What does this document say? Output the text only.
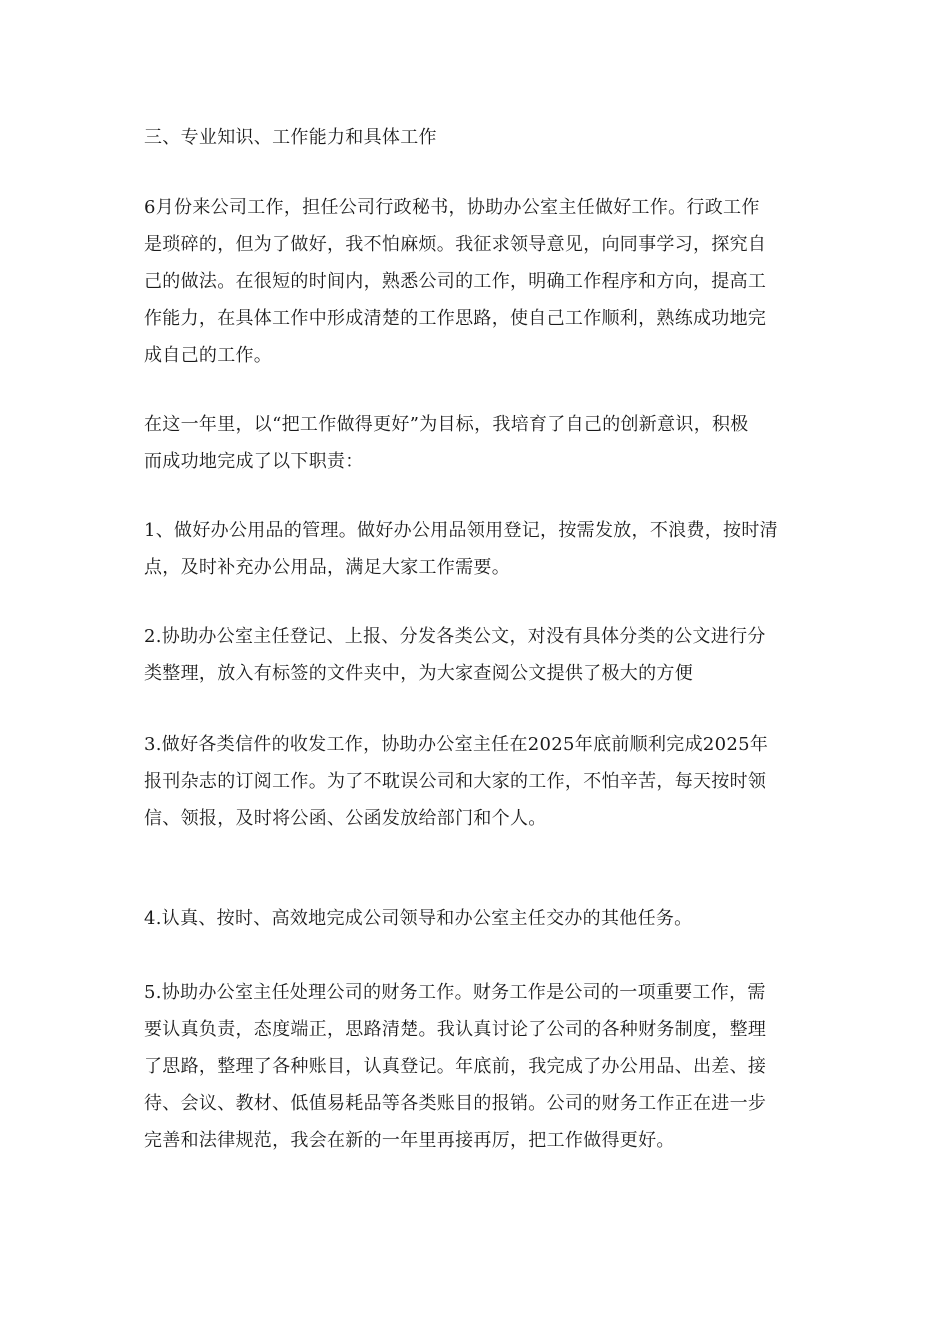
三、专业知识、工作能力和具体工作
6月份来公司工作，担任公司行政秘书，协助办公室主任做好工作。行政工作
是琐碎的，但为了做好，我不怕麻烦。我征求领导意见，向同事学习，探究自
己的做法。在很短的时间内，熟悉公司的工作，明确工作程序和方向，提高工
作能力，在具体工作中形成清楚的工作思路，使自己工作顺利，熟练成功地完
成自己的工作。
在这一年里，以“把工作做得更好”为目标，我培育了自己的创新意识，积极
而成功地完成了以下职责：
1、做好办公用品的管理。做好办公用品领用登记，按需发放，不浪费，按时清
点，及时补充办公用品，满足大家工作需要。
2.协助办公室主任登记、上报、分发各类公文，对没有具体分类的公文进行分
类整理，放入有标签的文件夹中，为大家查阅公文提供了极大的方便
3.做好各类信件的收发工作，协助办公室主任在2025年底前顺利完成2025年
报刊杂志的订阅工作。为了不耽误公司和大家的工作，不怕辛苦，每天按时领
信、领报，及时将公函、公函发放给部门和个人。
4.认真、按时、高效地完成公司领导和办公室主任交办的其他任务。
5.协助办公室主任处理公司的财务工作。财务工作是公司的一项重要工作，需
要认真负责，态度端正，思路清楚。我认真讨论了公司的各种财务制度，整理
了思路，整理了各种账目，认真登记。年底前，我完成了办公用品、出差、接
待、会议、教材、低值易耗品等各类账目的报销。公司的财务工作正在进一步
完善和法律规范，我会在新的一年里再接再厉，把工作做得更好。
